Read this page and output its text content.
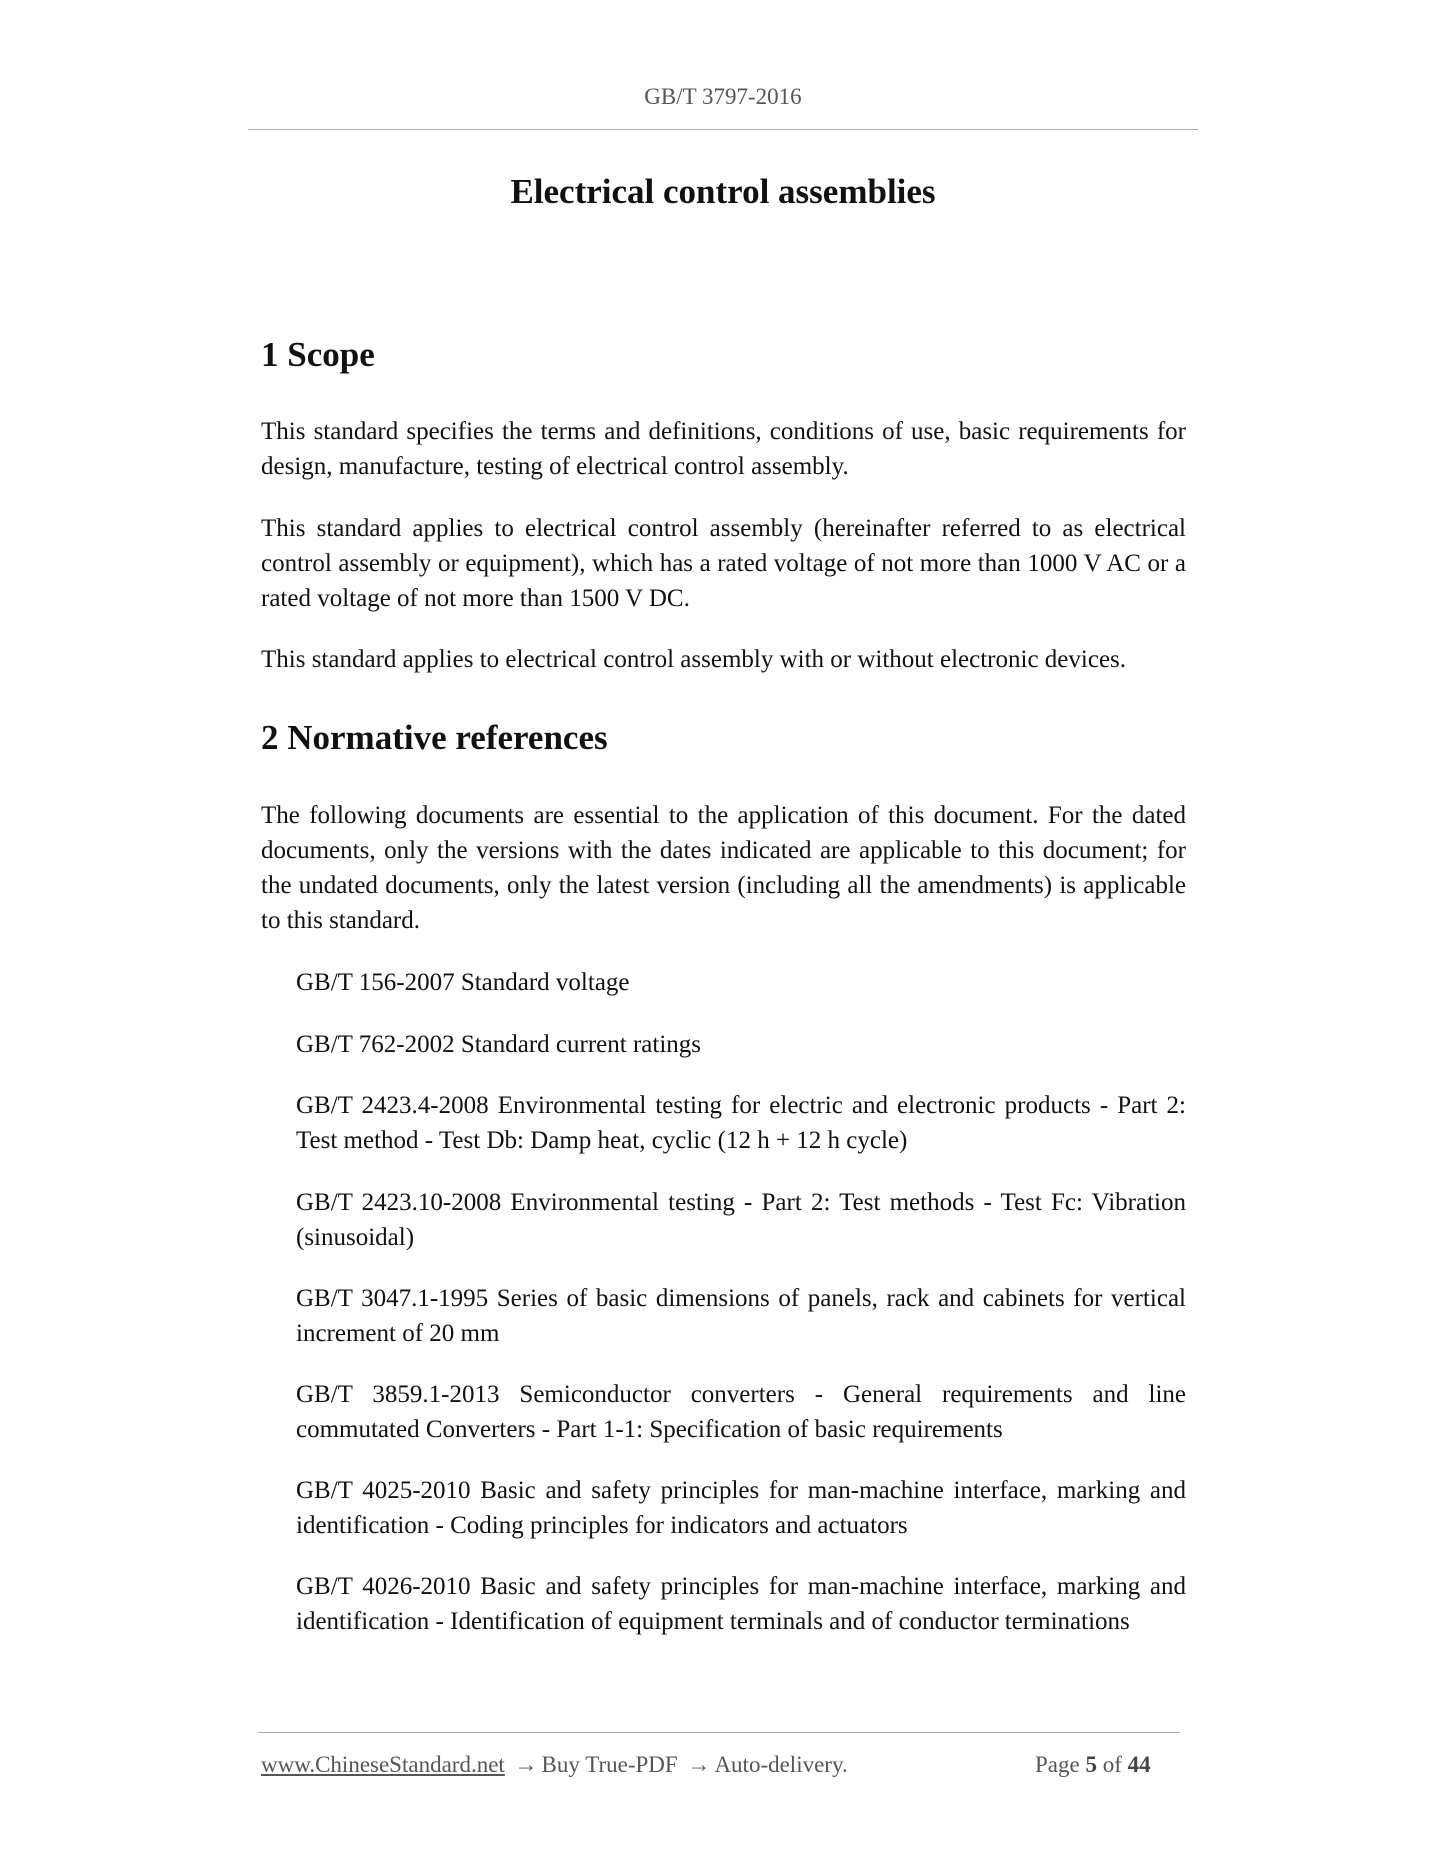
GB/T 3797-2016
Electrical control assemblies
1 Scope
This standard specifies the terms and definitions, conditions of use, basic requirements for design, manufacture, testing of electrical control assembly.
This standard applies to electrical control assembly (hereinafter referred to as electrical control assembly or equipment), which has a rated voltage of not more than 1000 V AC or a rated voltage of not more than 1500 V DC.
This standard applies to electrical control assembly with or without electronic devices.
2 Normative references
The following documents are essential to the application of this document. For the dated documents, only the versions with the dates indicated are applicable to this document; for the undated documents, only the latest version (including all the amendments) is applicable to this standard.
GB/T 156-2007 Standard voltage
GB/T 762-2002 Standard current ratings
GB/T 2423.4-2008 Environmental testing for electric and electronic products - Part 2: Test method - Test Db: Damp heat, cyclic (12 h + 12 h cycle)
GB/T 2423.10-2008 Environmental testing - Part 2: Test methods - Test Fc: Vibration (sinusoidal)
GB/T 3047.1-1995 Series of basic dimensions of panels, rack and cabinets for vertical increment of 20 mm
GB/T 3859.1-2013 Semiconductor converters - General requirements and line commutated Converters - Part 1-1: Specification of basic requirements
GB/T 4025-2010 Basic and safety principles for man-machine interface, marking and identification - Coding principles for indicators and actuators
GB/T 4026-2010 Basic and safety principles for man-machine interface, marking and identification - Identification of equipment terminals and of conductor terminations
www.ChineseStandard.net → Buy True-PDF → Auto-delivery.	Page 5 of 44
